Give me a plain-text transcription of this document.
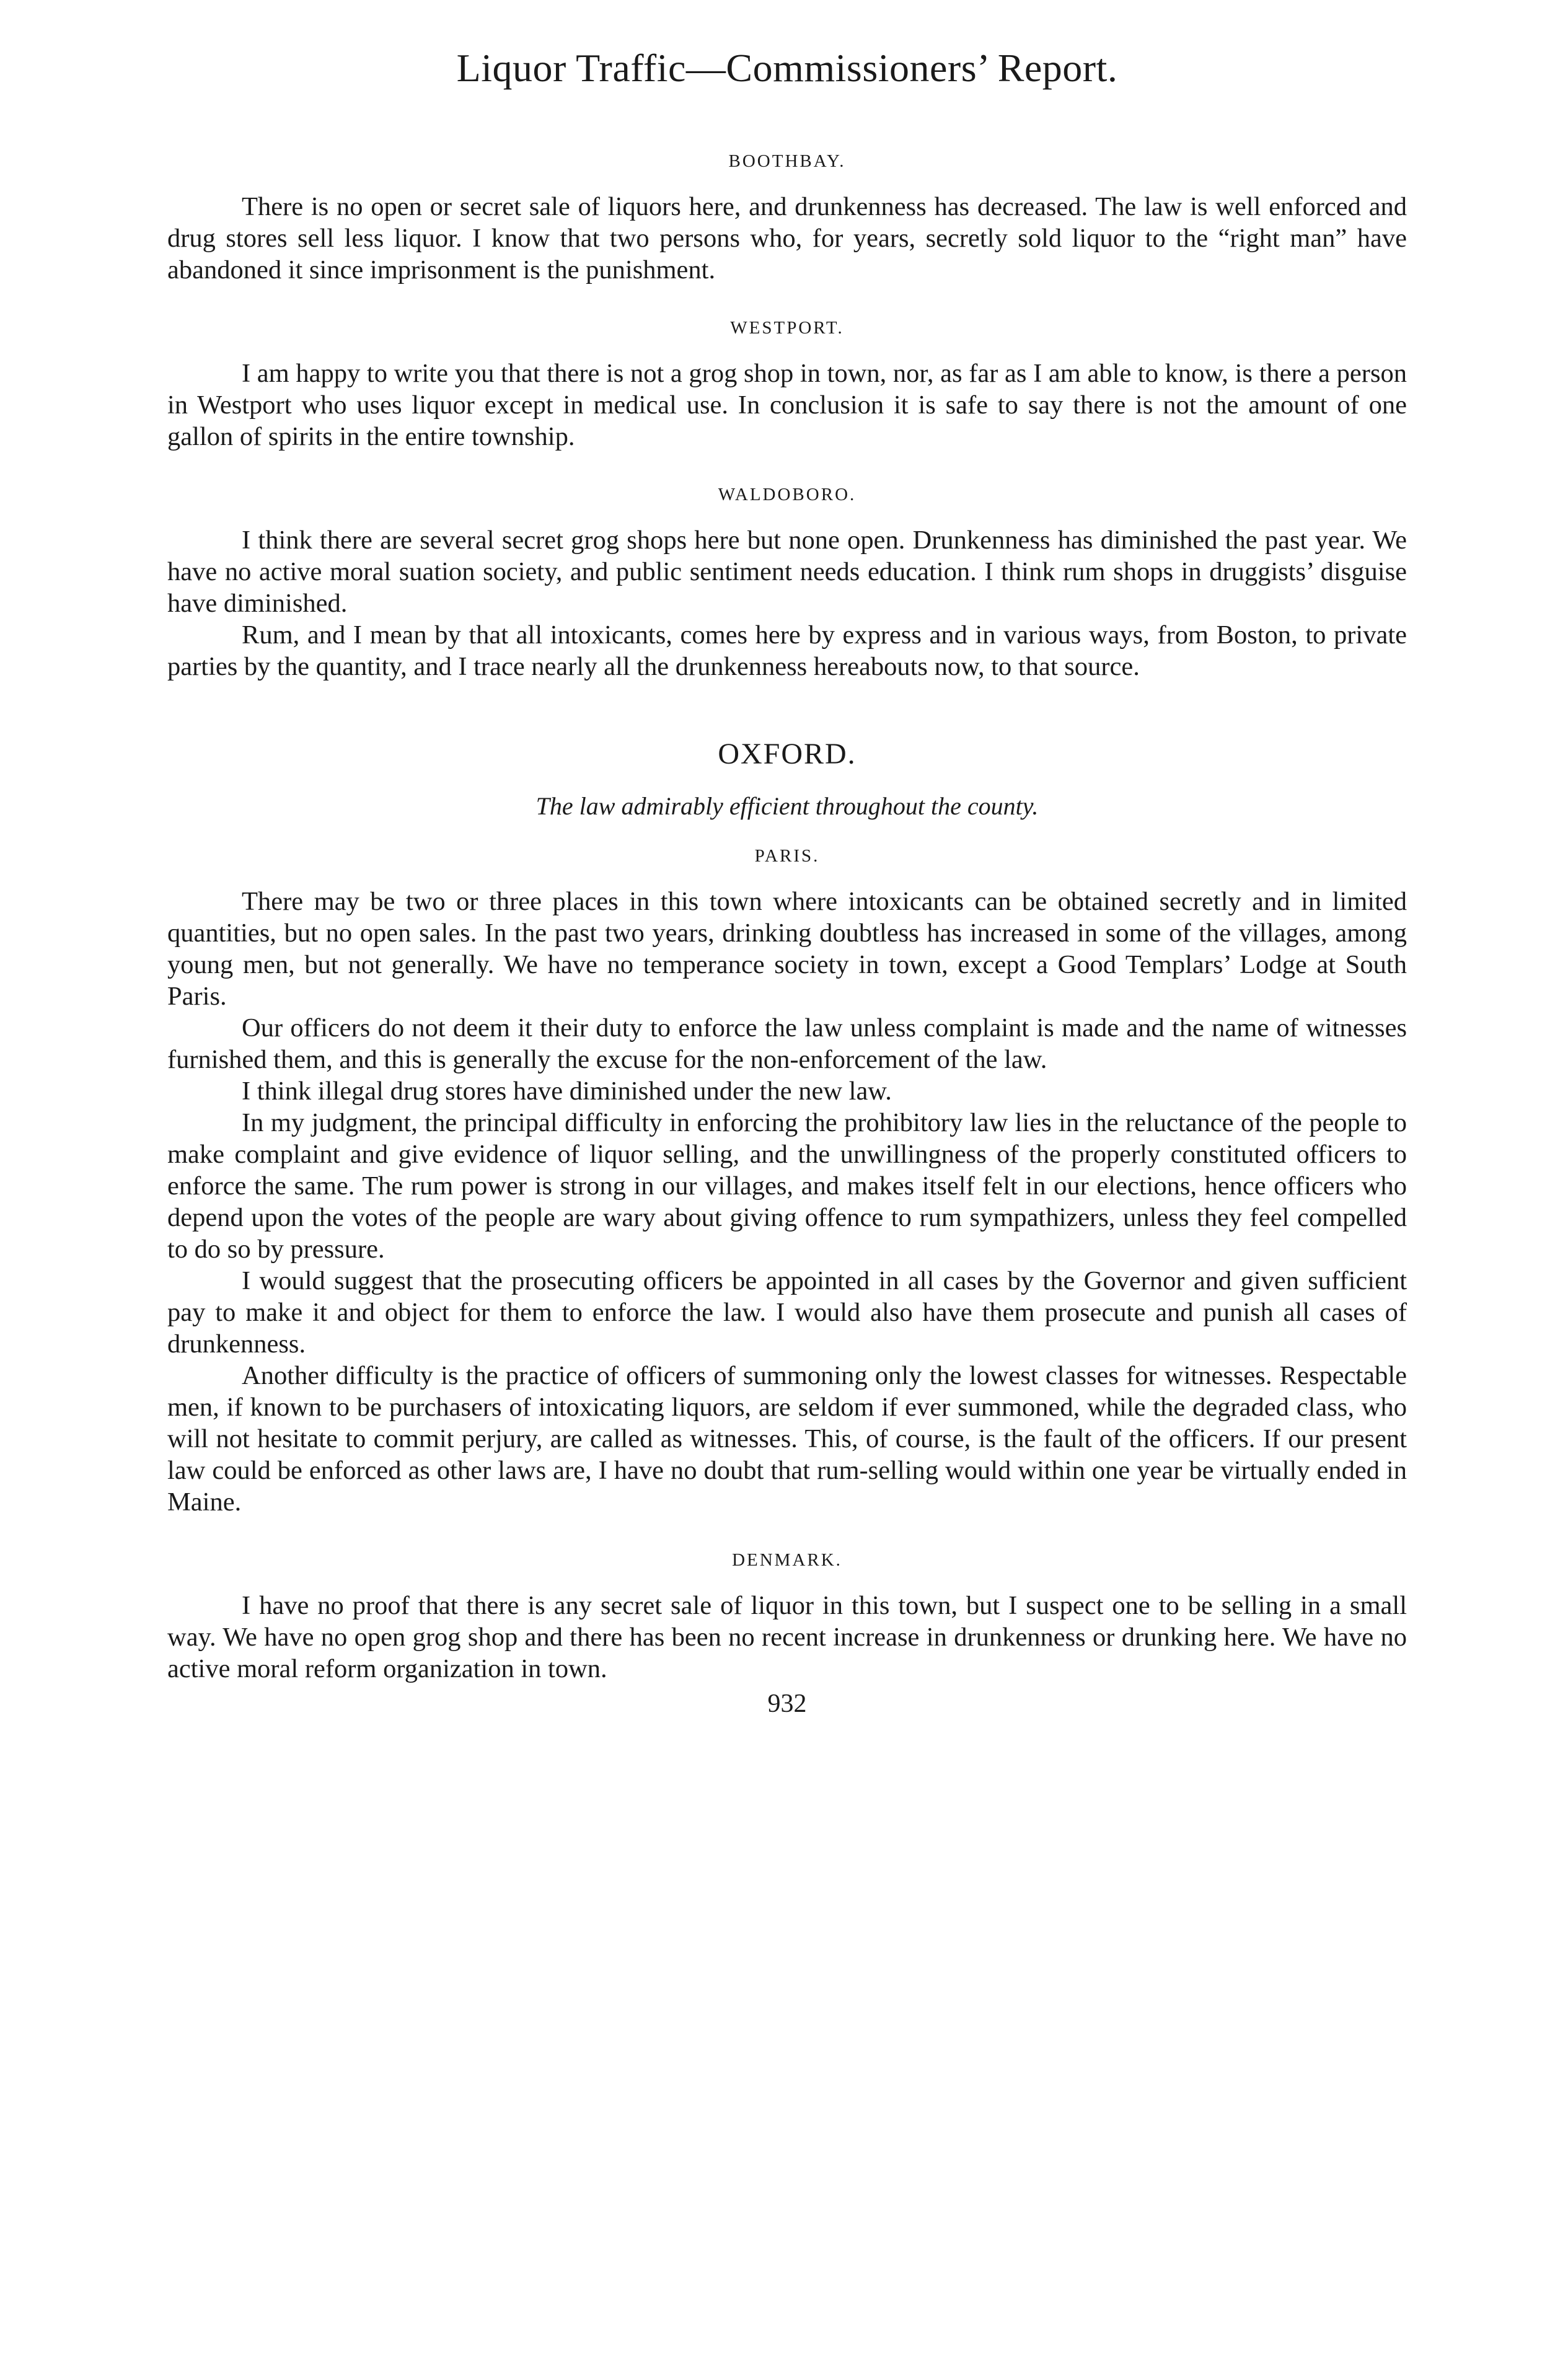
Liquor Traffic—Commissioners’ Report.
BOOTHBAY.

There is no open or secret sale of liquors here, and drunkenness has decreased. The law is well enforced and drug stores sell less liquor. I know that two persons who, for years, secretly sold liquor to the “right man” have abandoned it since imprisonment is the punishment.

WESTPORT.

I am happy to write you that there is not a grog shop in town, nor, as far as I am able to know, is there a person in Westport who uses liquor except in medical use. In conclusion it is safe to say there is not the amount of one gallon of spirits in the entire township.

WALDOBORO.

I think there are several secret grog shops here but none open. Drunkenness has diminished the past year. We have no active moral suation society, and public sentiment needs education. I think rum shops in druggists’ disguise have diminished.

Rum, and I mean by that all intoxicants, comes here by express and in various ways, from Boston, to private parties by the quantity, and I trace nearly all the drunkenness hereabouts now, to that source.

OXFORD.
The law admirably efficient throughout the county.
PARIS.

There may be two or three places in this town where intoxicants can be obtained secretly and in limited quantities, but no open sales. In the past two years, drinking doubtless has increased in some of the villages, among young men, but not generally. We have no temperance society in town, except a Good Templars’ Lodge at South Paris.

Our officers do not deem it their duty to enforce the law unless complaint is made and the name of witnesses furnished them, and this is generally the excuse for the non-enforcement of the law.

I think illegal drug stores have diminished under the new law.

In my judgment, the principal difficulty in enforcing the prohibitory law lies in the reluctance of the people to make complaint and give evidence of liquor selling, and the unwillingness of the properly constituted officers to enforce the same. The rum power is strong in our villages, and makes itself felt in our elections, hence officers who depend upon the votes of the people are wary about giving offence to rum sympathizers, unless they feel compelled to do so by pressure.

I would suggest that the prosecuting officers be appointed in all cases by the Governor and given sufficient pay to make it and object for them to enforce the law. I would also have them prosecute and punish all cases of drunkenness.

Another difficulty is the practice of officers of summoning only the lowest classes for witnesses. Respectable men, if known to be purchasers of intoxicating liquors, are seldom if ever summoned, while the degraded class, who will not hesitate to commit perjury, are called as witnesses. This, of course, is the fault of the officers. If our present law could be enforced as other laws are, I have no doubt that rum-selling would within one year be virtually ended in Maine.

DENMARK.

I have no proof that there is any secret sale of liquor in this town, but I suspect one to be selling in a small way. We have no open grog shop and there has been no recent increase in drunkenness or drunking here. We have no active moral reform organization in town.

932
